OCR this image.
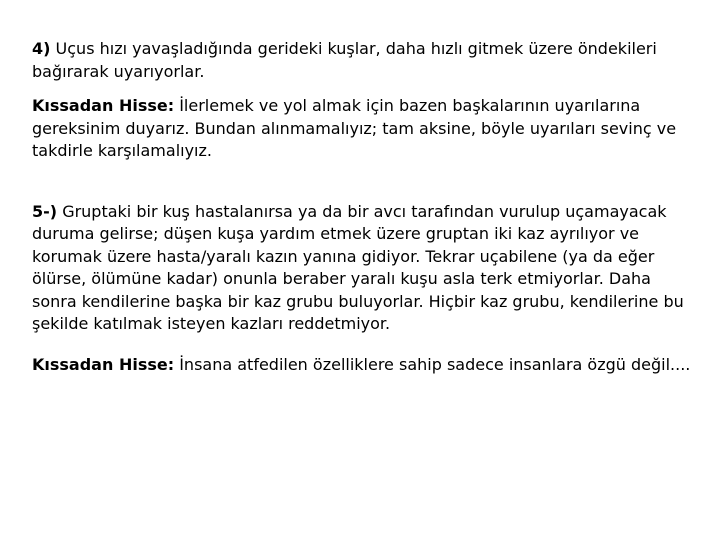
4) Uçus hızı yavaşladığında gerideki kuşlar, daha hızlı gitmek üzere öndekileri bağırarak uyarıyorlar.

Kıssadan Hisse: İlerlemek ve yol almak için bazen başkalarının uyarılarına gereksinim duyarız. Bundan alınmamalıyız; tam aksine, böyle uyarıları sevinç ve takdirle karşılamalıyız.

5-) Gruptaki bir kuş hastalanırsa ya da bir avcı tarafından vurulup uçamayacak duruma gelirse; düşen kuşa yardım etmek üzere gruptan iki kaz ayrılıyor ve korumak üzere hasta/yaralı kazın yanına gidiyor. Tekrar uçabilene (ya da eğer ölürse, ölümüne kadar) onunla beraber yaralı kuşu asla terk etmiyorlar. Daha sonra kendilerine başka bir kaz grubu buluyorlar. Hiçbir kaz grubu, kendilerine bu şekilde katılmak isteyen kazları reddetmiyor.

Kıssadan Hisse: İnsana atfedilen özelliklere sahip sadece insanlara özgü değil....
